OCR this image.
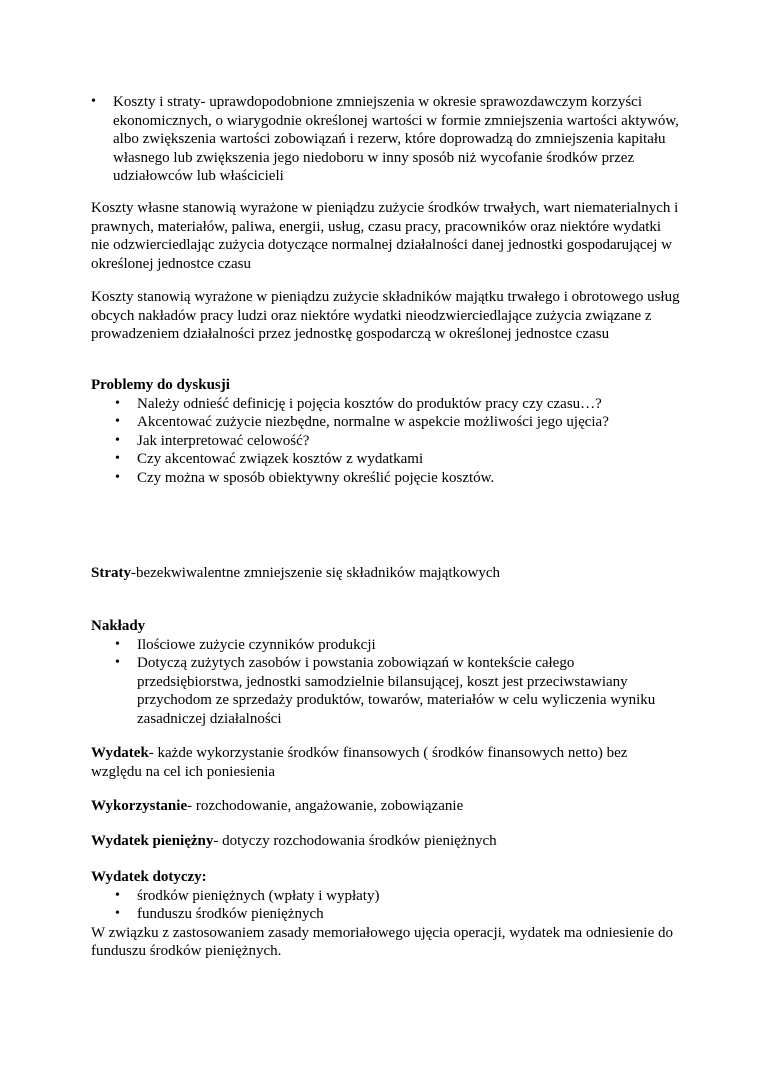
• Koszty i straty- uprawdopodobnione zmniejszenia w okresie sprawozdawczym korzyści ekonomicznych, o wiarygodnie określonej wartości w formie zmniejszenia wartości aktywów, albo zwiększenia wartości zobowiązań i rezerw, które doprowadzą do zmniejszenia kapitału własnego lub zwiększenia jego niedoboru w inny sposób niż wycofanie środków przez udziałowców lub właścicieli

Koszty własne stanowią wyrażone w pieniądzu zużycie środków trwałych, wart niematerialnych i prawnych, materiałów, paliwa, energii, usług, czasu pracy, pracowników oraz niektóre wydatki nie odzwierciedlając zużycia dotyczące normalnej działalności danej jednostki gospodarującej w określonej jednostce czasu

Koszty stanowią wyrażone w pieniądzu zużycie składników majątku trwałego i obrotowego usług obcych nakładów pracy ludzi oraz niektóre wydatki nieodzwierciedlające zużycia związane z prowadzeniem działalności przez jednostkę gospodarczą w określonej jednostce czasu

Problemy do dyskusji
• Należy odnieść definicję i pojęcia kosztów do produktów pracy czy czasu…?
• Akcentować zużycie niezbędne, normalne w aspekcie możliwości jego ujęcia?
• Jak interpretować celowość?
• Czy akcentować związek kosztów z wydatkami
• Czy można w sposób obiektywny określić pojęcie kosztów.

Straty-bezekwiwalentne zmniejszenie się składników majątkowych

Nakłady
• Ilościowe zużycie czynników produkcji
• Dotyczą zużytych zasobów i powstania zobowiązań w kontekście całego przedsiębiorstwa, jednostki samodzielnie bilansującej, koszt jest przeciwstawiany przychodom ze sprzedaży produktów, towarów, materiałów w celu wyliczenia wyniku zasadniczej działalności

Wydatek- każde wykorzystanie środków finansowych ( środków finansowych netto) bez względu na cel ich poniesienia

Wykorzystanie- rozchodowanie, angażowanie, zobowiązanie

Wydatek pieniężny- dotyczy rozchodowania środków pieniężnych

Wydatek dotyczy:
• środków pieniężnych (wpłaty i wypłaty)
• funduszu środków pieniężnych

W związku z zastosowaniem zasady memoriałowego ujęcia operacji, wydatek ma odniesienie do funduszu środków pieniężnych.
